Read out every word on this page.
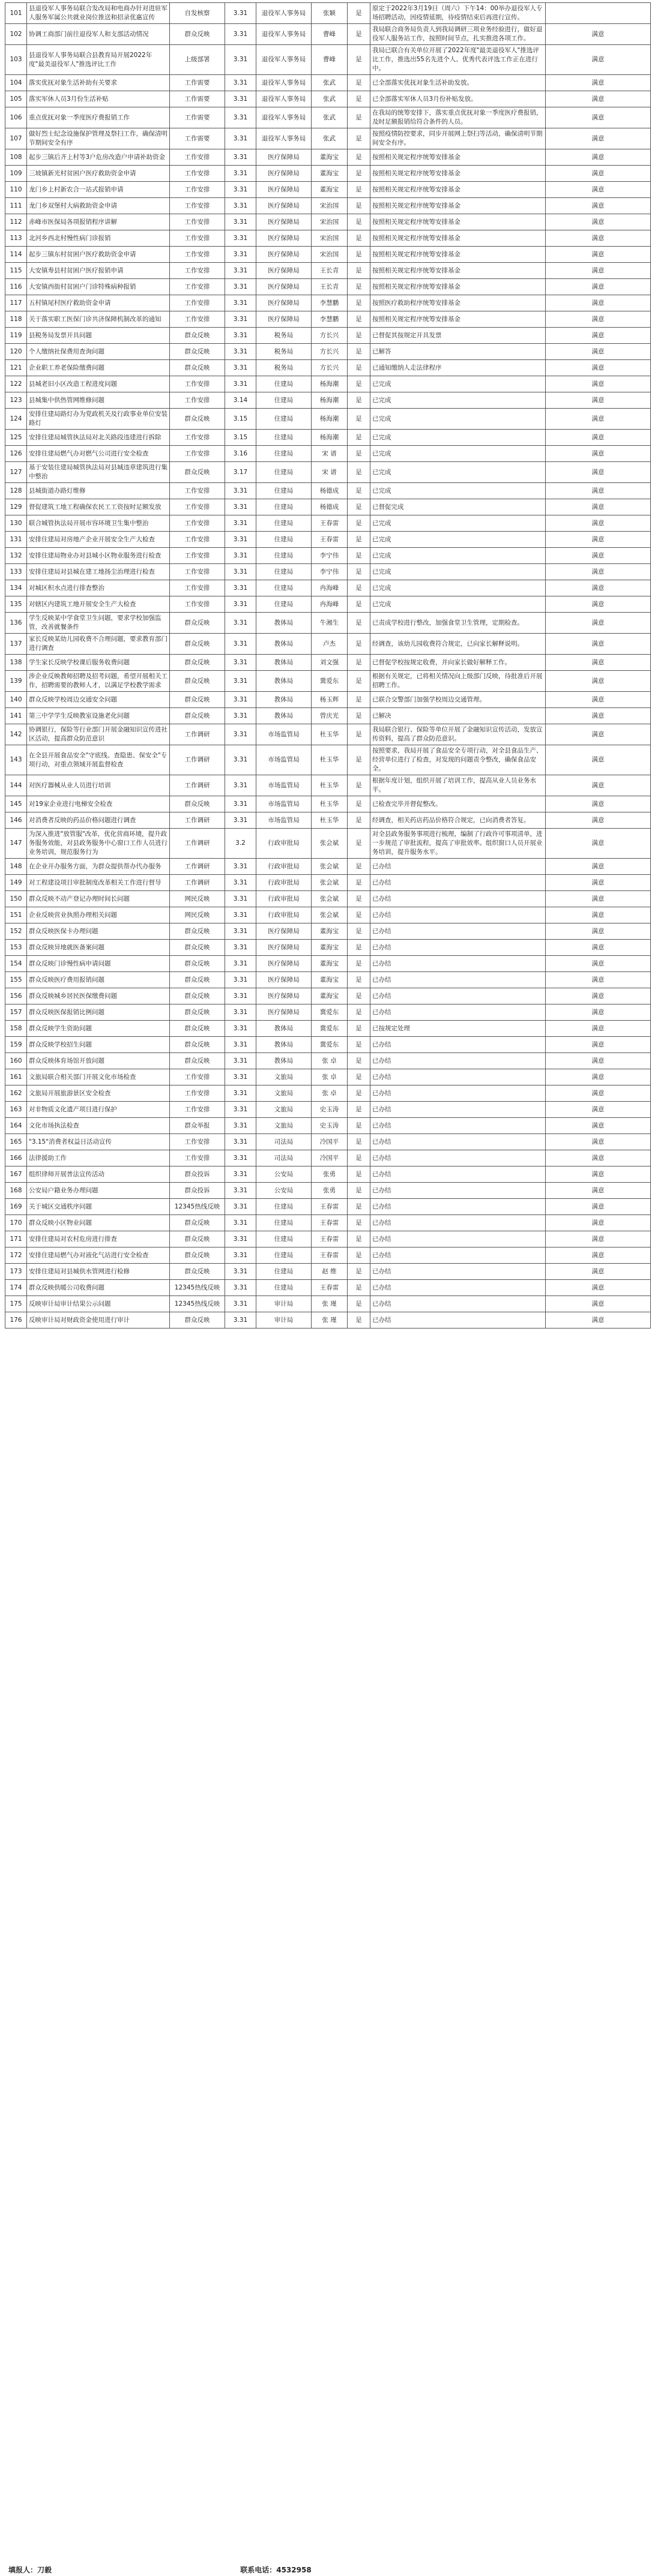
101	县退役军人事务局联合发改局和电商办针对进驻军人服务军属公共就业岗位推送和招录优惠宣传	自发核察	3.31	退役军人事务局	张颖	是	原定于2022年3月19日（周六）下午14：00举办退役军人专场招聘活动，因疫情延期，待疫情结束后再进行宣传。	
102	协调工商部门前往退役军人和支部活动情况	群众反映	3.31	退役军人事务局	曹峰	是	我局联合商务局负责人到我局调研三项业务经验进行，做好退役军人服务站工作，按照时间节点，扎实推进各项工作。	满意
103	县退役军人事务局联合县教育局开展2022年度"最美退役军人"推选评比工作	上级部署	3.31	退役军人事务局	曹峰	是	我局已联合有关单位开展了2022年度"最美退役军人"推选评比工作，推选出55名先进个人、优秀代表评选工作正在进行中。	满意
104	落实优抚对象生活补助有关要求	工作需要	3.31	退役军人事务局	张武	是	已全部落实优抚对象生活补助发放。	满意
105	落实军休人员3月份生活补贴	工作需要	3.31	退役军人事务局	张武	是	已全部落实军休人员3月份补贴发放。	满意
106	重点优抚对象一季度医疗费报销工作	工作需要	3.31	退役军人事务局	张武	是	在我局的统筹安排下，落实重点优抚对象一季度医疗费报销，及时足额报销给符合条件的人员。	满意
107	做好烈士纪念设施保护管理及祭扫工作，确保清明节期间安全有序	工作需要	3.31	退役军人事务局	张武	是	按照疫情防控要求，同步开展网上祭扫等活动，确保清明节期间安全有序。	满意
108	起步三镇后齐上村等3户危房改造户申请补助资金	工作安排	3.31	医疗保障局	董海宝	是	按照相关规定程序统筹安排基金	满意
109	三坡镇新光村贫困户医疗救助资金申请	工作安排	3.31	医疗保障局	董海宝	是	按照相关规定程序统筹安排基金	满意
110	龙门乡上村新农合一站式报销申请	工作安排	3.31	医疗保障局	董海宝	是	按照相关规定程序统筹安排基金	满意
111	龙门乡双堡村大病救助资金申请	工作安排	3.31	医疗保障局	宋治国	是	按照相关规定程序统筹安排基金	满意
112	赤峰市医保局各项报销程序讲解	工作安排	3.31	医疗保障局	宋治国	是	按照相关规定程序统筹安排基金	满意
113	北河乡西北村慢性病门诊报销	工作安排	3.31	医疗保障局	宋治国	是	按照相关规定程序统筹安排基金	满意
114	起步三镇东村贫困户医疗救助资金申请	工作安排	3.31	医疗保障局	宋治国	是	按照相关规定程序统筹安排基金	满意
115	大安镇寿县村贫困户医疗报销申请	工作安排	3.31	医疗保障局	王长青	是	按照相关规定程序统筹安排基金	满意
116	大安镇西街村贫困户门诊特殊病种报销	工作安排	3.31	医疗保障局	王长青	是	按照相关规定程序统筹安排基金	满意
117	五村镇尾村医疗救助资金申请	工作安排	3.31	医疗保障局	李慧鹏	是	按照医疗救助程序统筹安排基金	满意
118	关于落实职工医保门诊共济保障机制改革的通知	工作安排	3.31	医疗保障局	李慧鹏	是	按照相关规定程序统筹安排基金	满意
119	县税务局发票开具问题	群众反映	3.31	税务局	方长兴	是	已督促其按规定开具发票	满意
120	个人缴纳社保费用查询问题	群众反映	3.31	税务局	方长兴	是	已解答	满意
121	企业职工养老保险缴费问题	群众反映	3.31	税务局	方长兴	是	已通知缴纳人走法律程序	满意
122	县城老旧小区改造工程进度问题	工作安排	3.31	住建局	杨海潮	是	已完成	满意
123	县城集中供热管网维修问题	工作安排	3.14	住建局	杨海潮	是	已完成	满意
124	安排住建局路灯办为党政机关及行政事业单位安装路灯	群众反映	3.15	住建局	杨海潮	是	已完成	满意
125	安排住建局城管执法局对北关路段违建进行拆除	工作安排	3.15	住建局	杨海潮	是	已完成	满意
126	安排住建局燃气办对燃气公司进行安全检查	工作安排	3.16	住建局	宋 谱	是	已完成	满意
127	基于安装住建局城管执法局对县城违章建筑进行集中整治	群众反映	3.17	住建局	宋 谱	是	已完成	满意
128	县城街道办路灯维修	工作安排	3.31	住建局	杨德成	是	已完成	满意
129	督促建筑工地工程确保农民工工资按时足额发放	工作安排	3.31	住建局	杨德成	是	已督促完成	满意
130	联合城管执法局开展市容环境卫生集中整治	工作安排	3.31	住建局	王春雷	是	已完成	满意
131	安排住建局对房地产企业开展安全生产大检查	工作安排	3.31	住建局	王春雷	是	已完成	满意
132	安排住建局物业办对县城小区物业服务进行检查	工作安排	3.31	住建局	李宁伟	是	已完成	满意
133	安排住建局对县城在建工地扬尘治理进行检查	工作安排	3.31	住建局	李宁伟	是	已完成	满意
134	对城区积水点进行排查整治	工作安排	3.31	住建局	冉海峰	是	已完成	满意
135	对辖区内建筑工地开展安全生产大检查	工作安排	3.31	住建局	冉海峰	是	已完成	满意
136	学生反映某中学食堂卫生问题，要求学校加强监管，改善就餐条件	群众反映	3.31	教体局	牛湘生	是	已责成学校进行整改，加强食堂卫生管理，定期检查。	满意
137	家长反映某幼儿园收费不合理问题，要求教育部门进行调查	群众反映	3.31	教体局	卢杰	是	经调查，该幼儿园收费符合规定，已向家长解释说明。	满意
138	学生家长反映学校课后服务收费问题	群众反映	3.31	教体局	刘文强	是	已督促学校按规定收费，并向家长做好解释工作。	满意
139	涉企业反映教师招聘及招考问题，希望开展相关工作，招聘需要的教师人才，以满足学校教学需求	群众反映	3.31	教体局	冀爱东	是	根据有关规定，已将相关情况向上级部门反映，待批准后开展招聘工作。	满意
140	群众反映学校周边交通安全问题	群众反映	3.31	教体局	杨玉辉	是	已联合交警部门加强学校周边交通管理。	满意
141	第三中学学生反映教室设施老化问题	群众反映	3.31	教体局	曾庆光	是	已解决	满意
142	协调银行，保险等行业部门开展金融知识宣传进社区活动，提高群众防范意识	工作调研	3.31	市场监管局	杜玉华	是	我局联合银行、保险等单位开展了金融知识宣传活动，发放宣传资料，提高了群众防范意识。	满意
143	在全县开展食品安全"守底线、查隐患、保安全"专项行动，对重点领域开展监督检查	工作调研	3.31	市场监管局	杜玉华	是	按照要求，我局开展了食品安全专项行动，对全县食品生产、经营单位进行了检查，对发现的问题责令整改，确保食品安全。	满意
144	对医疗器械从业人员进行培训	工作调研	3.31	市场监管局	杜玉华	是	根据年度计划，组织开展了培训工作，提高从业人员业务水平。	满意
145	对19家企业进行电梯安全检查	群众反映	3.31	市场监管局	杜玉华	是	已检查完毕并督促整改。	满意
146	对消费者反映的药品价格问题进行调查	工作调研	3.31	市场监管局	杜玉华	是	经调查，相关药店药品价格符合规定，已向消费者答复。	满意
147	为深入推进"放管服"改革，优化营商环境，提升政务服务效能，对县政务服务中心窗口工作人员进行业务培训，规范服务行为	工作调研	3.2	行政审批局	张会斌	是	对全县政务服务事项进行梳理，编制了行政许可事项清单，进一步规范了审批流程，提高了审批效率。组织窗口人员开展业务培训，提升服务水平。	满意
148	在企业开办服务方面，为群众提供帮办代办服务	工作调研	3.31	行政审批局	张会斌	是	已办结	满意
149	对工程建设项目审批制度改革相关工作进行督导	工作调研	3.31	行政审批局	张会斌	是	已办结	满意
150	群众反映不动产登记办理时间长问题	网民反映	3.31	行政审批局	张会斌	是	已办结	满意
151	企业反映营业执照办理相关问题	网民反映	3.31	行政审批局	张会斌	是	已办结	满意
152	群众反映医保卡办理问题	群众反映	3.31	医疗保障局	董海宝	是	已办结	满意
153	群众反映异地就医备案问题	群众反映	3.31	医疗保障局	董海宝	是	已办结	满意
154	群众反映门诊慢性病申请问题	群众反映	3.31	医疗保障局	董海宝	是	已办结	满意
155	群众反映医疗费用报销问题	群众反映	3.31	医疗保障局	董海宝	是	已办结	满意
156	群众反映城乡居民医保缴费问题	群众反映	3.31	医疗保障局	董海宝	是	已办结	满意
157	群众反映医保报销比例问题	群众反映	3.31	医疗保障局	冀爱东	是	已办结	满意
158	群众反映学生资助问题	群众反映	3.31	教体局	冀爱东	是	已按规定处理	满意
159	群众反映学校招生问题	群众反映	3.31	教体局	冀爱东	是	已办结	满意
160	群众反映体育场馆开放问题	群众反映	3.31	教体局	张 卓	是	已办结	满意
161	文旅局联合相关部门开展文化市场检查	工作安排	3.31	文旅局	张 卓	是	已办结	满意
162	文旅局开展旅游景区安全检查	工作安排	3.31	文旅局	张 卓	是	已办结	满意
163	对非物质文化遗产项目进行保护	工作安排	3.31	文旅局	史玉涛	是	已办结	满意
164	文化市场执法检查	群众举报	3.31	文旅局	史玉涛	是	已办结	满意
165	"3.15"消费者权益日活动宣传	工作安排	3.31	司法局	冷国平	是	已办结	满意
166	法律援助工作	工作安排	3.31	司法局	冷国平	是	已办结	满意
167	组织律师开展普法宣传活动	群众投诉	3.31	公安局	张勇	是	已办结	满意
168	公安局户籍业务办理问题	群众投诉	3.31	公安局	张勇	是	已办结	满意
169	关于城区交通秩序问题	12345热线反映	3.31	住建局	王春雷	是	已办结	满意
170	群众反映小区物业问题	群众反映	3.31	住建局	王春雷	是	已办结	满意
171	安排住建局对农村危房进行排查	群众反映	3.31	住建局	王春雷	是	已办结	满意
172	安排住建局燃气办对液化气站进行安全检查	群众反映	3.31	住建局	王春雷	是	已办结	满意
173	安排住建局对县城供水管网进行检修	群众反映	3.31	住建局	赵 维	是	已办结	满意
174	群众反映供暖公司收费问题	12345热线反映	3.31	住建局	王春雷	是	已办结	满意
175	反映审计局审计结果公示问题	12345热线反映	3.31	审计局	张 瑾	是	已办结	满意
176	反映审计局对财政资金使用进行审计	群众反映	3.31	审计局	张 瑾	是	已办结	满意
填报人：刀毅	联系电话：4532958
